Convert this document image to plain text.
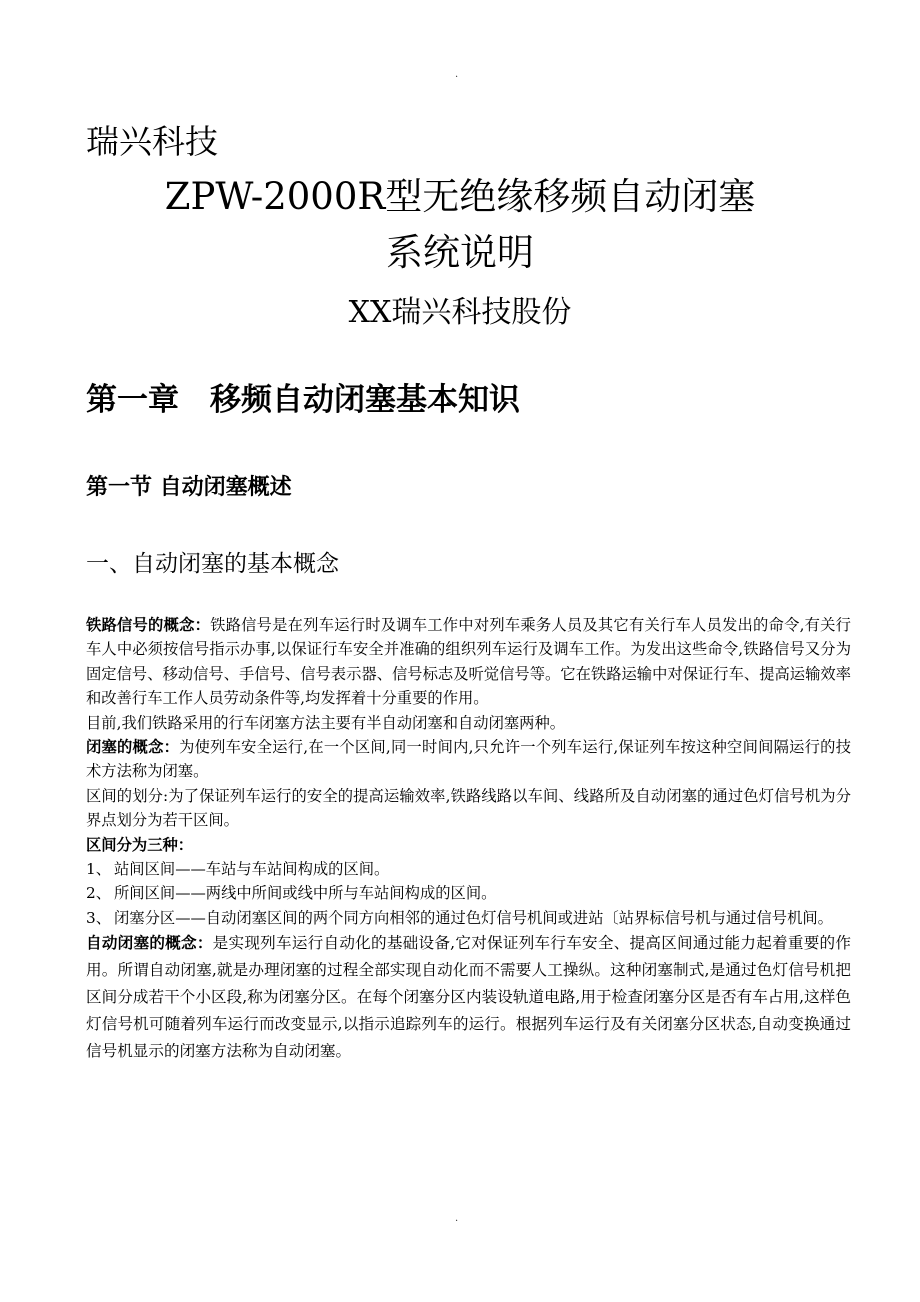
.
瑞兴科技
ZPW-2000R型无绝缘移频自动闭塞
系统说明
XX瑞兴科技股份
第一章　移频自动闭塞基本知识
第一节 自动闭塞概述
一、自动闭塞的基本概念

铁路信号的概念：铁路信号是在列车运行时及调车工作中对列车乘务人员及其它有关行车人员发出的命令,有关行车人中必须按信号指示办事,以保证行车安全并准确的组织列车运行及调车工作。为发出这些命令,铁路信号又分为固定信号、移动信号、手信号、信号表示器、信号标志及听觉信号等。它在铁路运输中对保证行车、提高运输效率和改善行车工作人员劳动条件等,均发挥着十分重要的作用。

目前,我们铁路采用的行车闭塞方法主要有半自动闭塞和自动闭塞两种。

闭塞的概念：为使列车安全运行,在一个区间,同一时间内,只允许一个列车运行,保证列车按这种空间间隔运行的技术方法称为闭塞。

区间的划分:为了保证列车运行的安全的提高运输效率,铁路线路以车间、线路所及自动闭塞的通过色灯信号机为分界点划分为若干区间。

区间分为三种：

1、 站间区间——车站与车站间构成的区间。

2、 所间区间——两线中所间或线中所与车站间构成的区间。

3、 闭塞分区——自动闭塞区间的两个同方向相邻的通过色灯信号机间或进站〔站界标信号机与通过信号机间。

自动闭塞的概念：是实现列车运行自动化的基础设备,它对保证列车行车安全、提高区间通过能力起着重要的作用。所谓自动闭塞,就是办理闭塞的过程全部实现自动化而不需要人工操纵。这种闭塞制式,是通过色灯信号机把区间分成若干个小区段,称为闭塞分区。在每个闭塞分区内装设轨道电路,用于检查闭塞分区是否有车占用,这样色灯信号机可随着列车运行而改变显示,以指示追踪列车的运行。根据列车运行及有关闭塞分区状态,自动变换通过信号机显示的闭塞方法称为自动闭塞。

.
